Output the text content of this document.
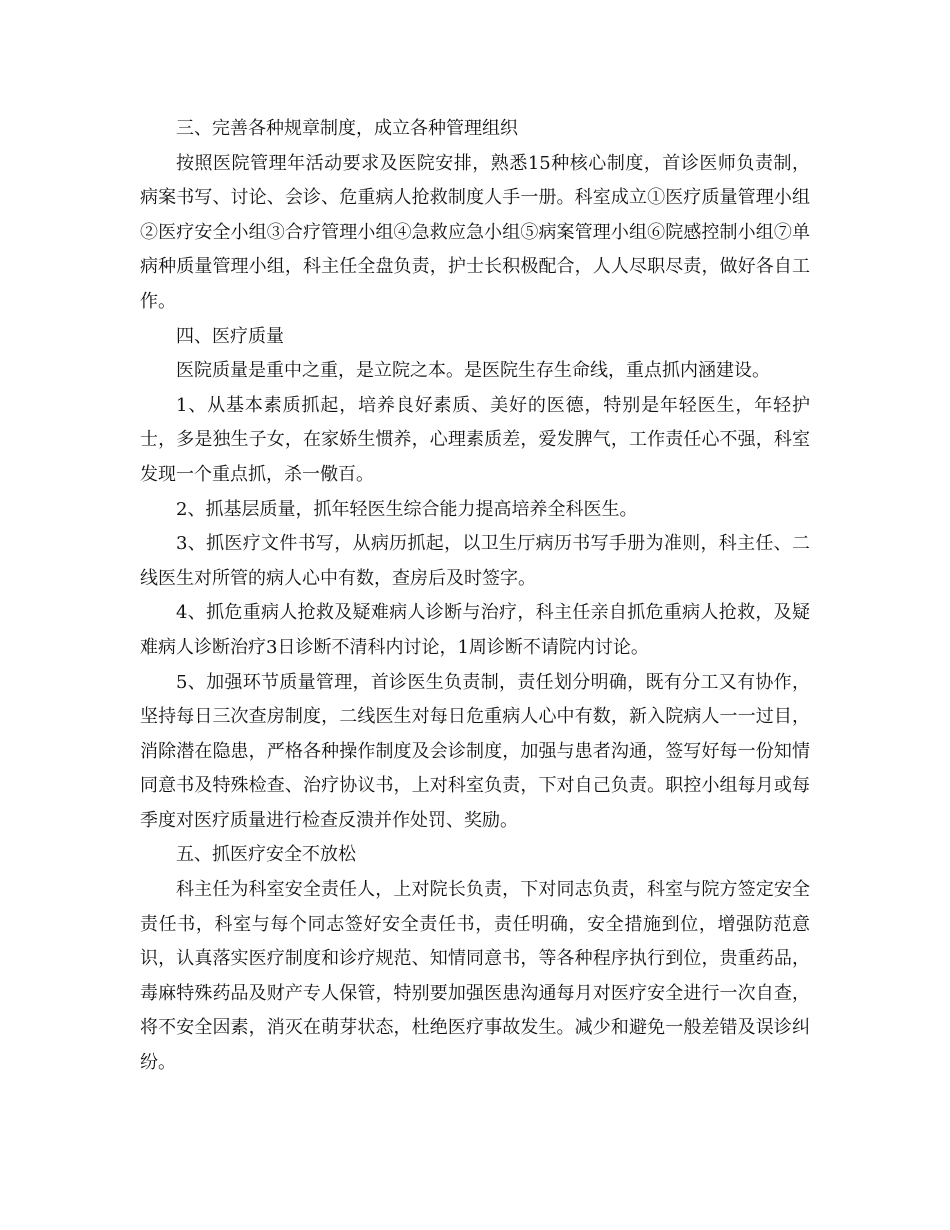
三、完善各种规章制度，成立各种管理组织

按照医院管理年活动要求及医院安排，熟悉15种核心制度，首诊医师负责制，病案书写、讨论、会诊、危重病人抢救制度人手一册。科室成立①医疗质量管理小组②医疗安全小组③合疗管理小组④急救应急小组⑤病案管理小组⑥院感控制小组⑦单病种质量管理小组，科主任全盘负责，护士长积极配合，人人尽职尽责，做好各自工作。

四、医疗质量

医院质量是重中之重，是立院之本。是医院生存生命线，重点抓内涵建设。

1、从基本素质抓起，培养良好素质、美好的医德，特别是年轻医生，年轻护士，多是独生子女，在家娇生惯养，心理素质差，爱发脾气，工作责任心不强，科室发现一个重点抓，杀一儆百。

2、抓基层质量，抓年轻医生综合能力提高培养全科医生。

3、抓医疗文件书写，从病历抓起，以卫生厅病历书写手册为准则，科主任、二线医生对所管的病人心中有数，查房后及时签字。

4、抓危重病人抢救及疑难病人诊断与治疗，科主任亲自抓危重病人抢救，及疑难病人诊断治疗3日诊断不清科内讨论，1周诊断不请院内讨论。

5、加强环节质量管理，首诊医生负责制，责任划分明确，既有分工又有协作，坚持每日三次查房制度，二线医生对每日危重病人心中有数，新入院病人一一过目，消除潜在隐患，严格各种操作制度及会诊制度，加强与患者沟通，签写好每一份知情同意书及特殊检查、治疗协议书，上对科室负责，下对自己负责。职控小组每月或每季度对医疗质量进行检查反溃并作处罚、奖励。

五、抓医疗安全不放松

科主任为科室安全责任人，上对院长负责，下对同志负责，科室与院方签定安全责任书，科室与每个同志签好安全责任书，责任明确，安全措施到位，增强防范意识，认真落实医疗制度和诊疗规范、知情同意书，等各种程序执行到位，贵重药品，毒麻特殊药品及财产专人保管，特别要加强医患沟通每月对医疗安全进行一次自查，将不安全因素，消灭在萌芽状态，杜绝医疗事故发生。减少和避免一般差错及误诊纠纷。
